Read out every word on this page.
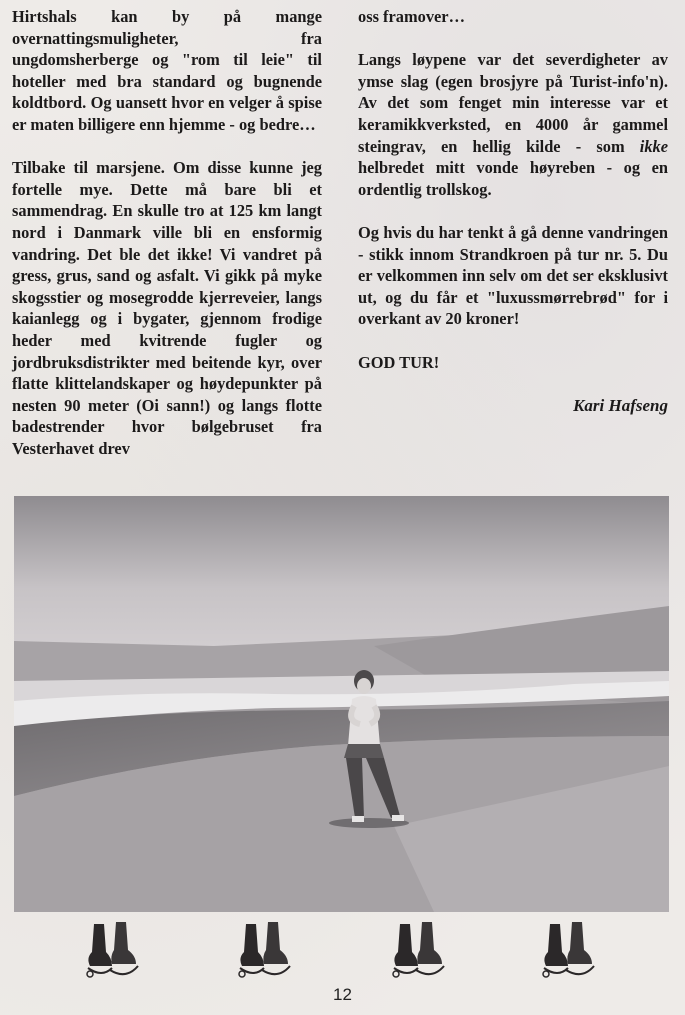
Hirtshals kan by på mange overnattingsmuligheter, fra ungdomsherberge og "rom til leie" til hoteller med bra standard og bugnende koldtbord. Og uansett hvor en velger å spise er maten billigere enn hjemme - og bedre…

Tilbake til marsjene. Om disse kunne jeg fortelle mye. Dette må bare bli et sammendrag. En skulle tro at 125 km langt nord i Danmark ville bli en ensformig vandring. Det ble det ikke! Vi vandret på gress, grus, sand og asfalt. Vi gikk på myke skogsstier og mosegrodde kjerreveier, langs kaianlegg og i bygater, gjennom frodige heder med kvitrende fugler og jordbruksdistrikter med beitende kyr, over flatte klittelandskaper og høydepunkter på nesten 90 meter (Oi sann!) og langs flotte badestrender hvor bølgebruset fra Vesterhavet drev

oss framover…

Langs løypene var det severdigheter av ymse slag (egen brosjyre på Turist-info'n). Av det som fenget min interesse var et keramikkverksted, en 4000 år gammel steingrav, en hellig kilde - som ikke helbredet mitt vonde høyreben - og en ordentlig trollskog.

Og hvis du har tenkt å gå denne vandringen - stikk innom Strandkroen på tur nr. 5. Du er velkommen inn selv om det ser eksklusivt ut, og du får et "luxussmørrebrød" for i overkant av 20 kroner!

GOD TUR!

Kari Hafseng
12
